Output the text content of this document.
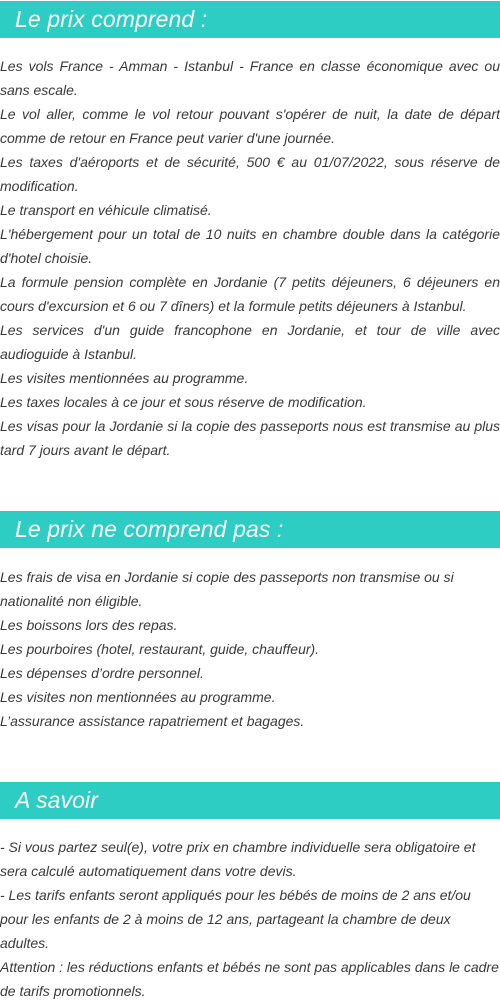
Le prix comprend :

Les vols France - Amman - Istanbul - France en classe économique avec ou sans escale.

Le vol aller, comme le vol retour pouvant s'opérer de nuit, la date de départ comme de retour en France peut varier d'une journée.

Les taxes d'aéroports et de sécurité, 500 € au 01/07/2022, sous réserve de modification.

Le transport en véhicule climatisé.

L'hébergement pour un total de 10 nuits en chambre double dans la catégorie d'hotel choisie.

La formule pension complète en Jordanie (7 petits déjeuners, 6 déjeuners en cours d'excursion et 6 ou 7 dîners) et la formule petits déjeuners à Istanbul.

Les services d'un guide francophone en Jordanie, et tour de ville avec audioguide à Istanbul.

Les visites mentionnées au programme.

Les taxes locales à ce jour et sous réserve de modification.

Les visas pour la Jordanie si la copie des passeports nous est transmise au plus tard 7 jours avant le départ.

Le prix ne comprend pas :

Les frais de visa en Jordanie si copie des passeports non transmise ou si nationalité non éligible.

Les boissons lors des repas.

Les pourboires (hotel, restaurant, guide, chauffeur).

Les dépenses d’ordre personnel.

Les visites non mentionnées au programme.

L’assurance assistance rapatriement et bagages.

A savoir

- Si vous partez seul(e), votre prix en chambre individuelle sera obligatoire et sera calculé automatiquement dans votre devis.

- Les tarifs enfants seront appliqués pour les bébés de moins de 2 ans et/ou pour les enfants de 2 à moins de 12 ans, partageant la chambre de deux adultes.

Attention : les réductions enfants et bébés ne sont pas applicables dans le cadre de tarifs promotionnels.
